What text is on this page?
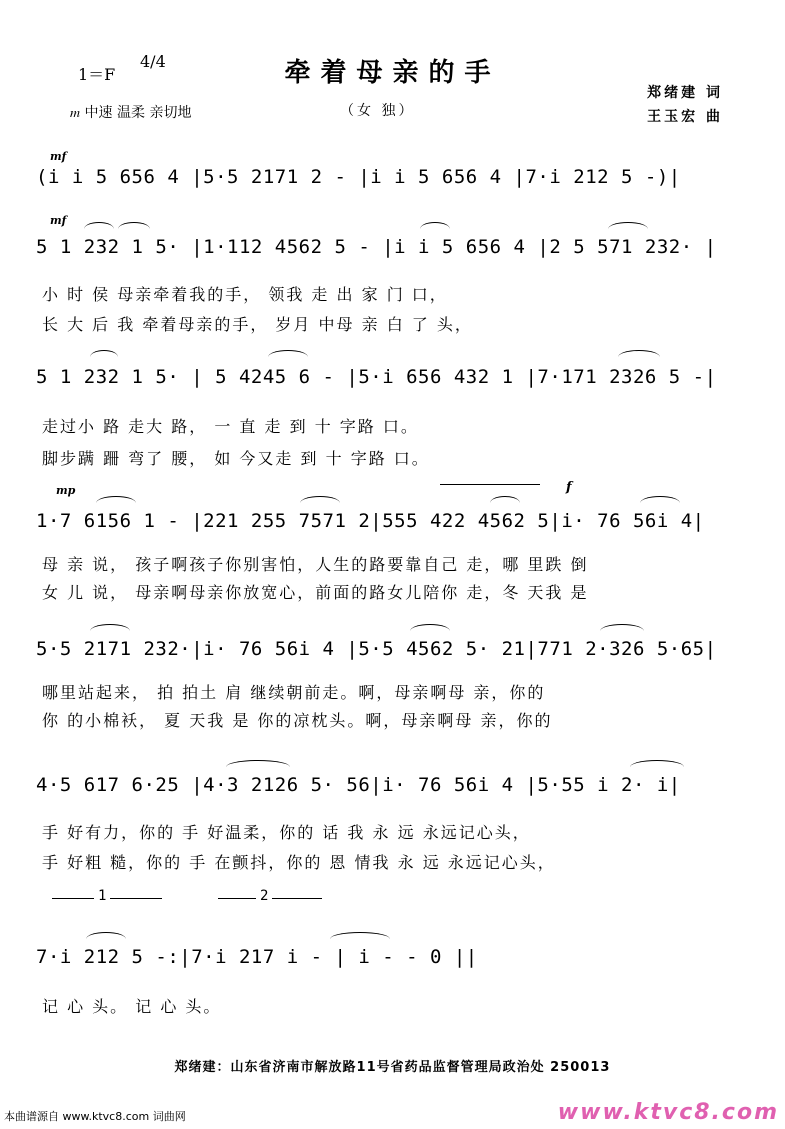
牵着母亲的手
1＝F
4/4
𝆐 中速 温柔 亲切地	（女 独）
郑绪建 词
王玉宏 曲
mf
(i i 5 656 4 |5·5 2171 2 - |i i 5 656 4 |7·i 212 5 -)|
mf
5 1 232 1 5· |1·112 4562 5 - |i i 5 656 4 |2 5 571 232· |
小 时 侯 母亲牵着我的手， 领我 走 出 家 门 口，
长 大 后 我 牵着母亲的手， 岁月 中母 亲 白 了 头，
5 1 232 1 5· | 5 4245 6 - |5·i 656 432 1 |7·171 2326 5 -|
走过小 路 走大 路， 一 直 走 到 十 字路 口。
脚步蹒 跚 弯了 腰， 如 今又走 到 十 字路 口。
mp	f
1·7 6156 1 - |221 255 7571 2|555 422 4562 5|i· 76 56i 4|
母 亲 说， 孩子啊孩子你别害怕，人生的路要靠自己 走，哪 里跌 倒
女 儿 说， 母亲啊母亲你放宽心，前面的路女儿陪你 走，冬 天我 是
5·5 2171 232·|i· 76 56i 4 |5·5 4562 5· 21|771 2·326 5·65|
哪里站起来， 拍 拍土 肩 继续朝前走。啊，母亲啊母 亲，你的
你 的小棉袄， 夏 天我 是 你的凉枕头。啊，母亲啊母 亲，你的
4·5 617 6·25 |4·3 2126 5· 56|i· 76 56i 4 |5·55 i 2· i|
手 好有力，你的 手 好温柔，你的 话 我 永 远 永远记心头，
手 好粗 糙，你的 手 在颤抖，你的 恩 情我 永 远 永远记心头，
1	2
7·i 212 5 -:|7·i 217 i - | i - - 0 ||
记 心 头。 记 心 头。
郑绪建：山东省济南市解放路11号省药品监督管理局政治处 250013
本曲谱源自 www.ktvc8.com 词曲网	www.ktvc8.com
